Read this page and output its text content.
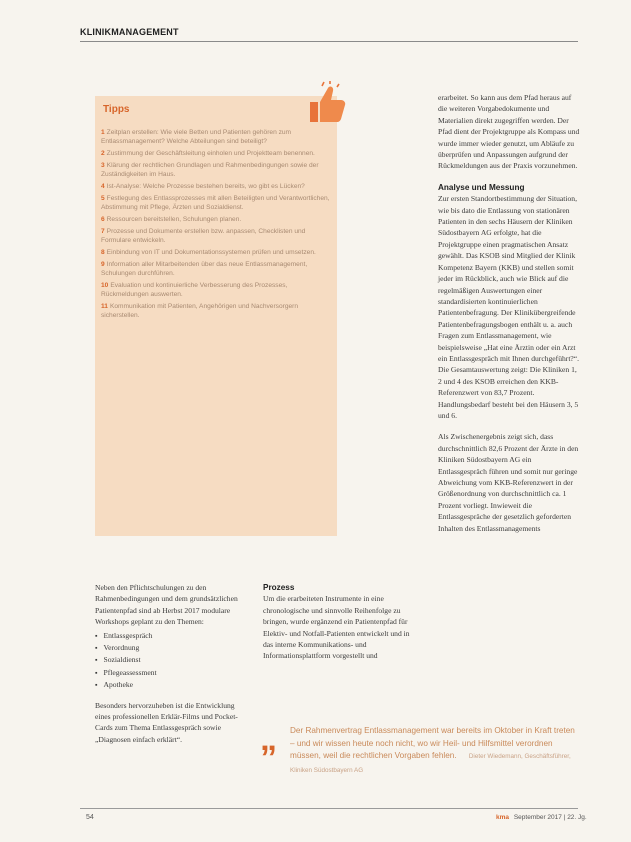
KLINIKMANAGEMENT
Tipps
1 Zeitplan erstellen: Wie viele Betten und Patienten gehören zum Entlassmanagement? Welche Abteilungen sind beteiligt?
2 Zustimmung der Geschäftsleitung einholen und Projektteam benennen.
3 Klärung der rechtlichen Grundlagen und Rahmenbedingungen sowie der Zuständigkeiten im Haus.
4 Ist-Analyse: Welche Prozesse bestehen bereits, wo gibt es Lücken?
5 Festlegung des Entlassprozesses mit allen Beteiligten und Verantwortlichen, Abstimmung mit Pflege, Ärzten und Sozialdienst.
6 Ressourcen bereitstellen, Schulungen planen.
7 Prozesse und Dokumente erstellen bzw. anpassen, Checklisten und Formulare entwickeln.
8 Einbindung von IT und Dokumentationssystemen prüfen und umsetzen.
9 Information aller Mitarbeitenden über das neue Entlassmanagement, Schulungen durchführen.
10 Evaluation und kontinuierliche Verbesserung des Prozesses, Rückmeldungen auswerten.
11 Kommunikation mit Patienten, Angehörigen und Nachversorgern sicherstellen.

erarbeitet. So kann aus dem Pfad heraus auf die weiteren Vorgabedokumente und Materialien direkt zugegriffen werden. Der Pfad dient der Projektgruppe als Kompass und wurde immer wieder genutzt, um Abläufe zu überprüfen und Anpassungen aufgrund der Rückmeldungen aus der Praxis vorzunehmen.

Analyse und Messung

Zur ersten Standortbestimmung der Situation, wie bis dato die Entlassung von stationären Patienten in den sechs Häusern der Kliniken Südostbayern AG erfolgte, hat die Projektgruppe einen pragmatischen Ansatz gewählt. Das KSOB sind Mitglied der Klinik Kompetenz Bayern (KKB) und stellen somit jeder im Rückblick, auch wie Blick auf die regelmäßigen Auswertungen einer standardisierten kontinuierlichen Patientenbefragung. Der Klinikübergreifende Patientenbefragungsbogen enthält u. a. auch Fragen zum Entlassmanagement, wie beispielsweise „Hat eine Ärztin oder ein Arzt ein Entlassgespräch mit Ihnen durchgeführt?“. Die Gesamtauswertung zeigt: Die Kliniken 1, 2 und 4 des KSOB erreichen den KKB-Referenzwert von 83,7 Prozent. Handlungsbedarf besteht bei den Häusern 3, 5 und 6.

Als Zwischenergebnis zeigt sich, dass durchschnittlich 82,6 Prozent der Ärzte in den Kliniken Südostbayern AG ein Entlassgespräch führen und somit nur geringe Abweichung vom KKB-Referenzwert in der Größenordnung von durchschnittlich ca. 1 Prozent vorliegt. Inwieweit die Entlassgespräche der gesetzlich geforderten Inhalten des Entlassmanagements

Neben den Pflichtschulungen zu den Rahmenbedingungen und dem grundsätzlichen Patientenpfad sind ab Herbst 2017 modulare Workshops geplant zu den Themen:

▪ Entlassgespräch
▪ Verordnung
▪ Sozialdienst
▪ Pflegeassessment
▪ Apotheke

Besonders hervorzuheben ist die Entwicklung eines professionellen Erklär-Films und Pocket-Cards zum Thema Entlassgespräch sowie „Diagnosen einfach erklärt“.

Prozess

Um die erarbeiteten Instrumente in eine chronologische und sinnvolle Reihenfolge zu bringen, wurde ergänzend ein Patientenpfad für Elektiv- und Notfall-Patienten entwickelt und in das interne Kommunikations- und Informationsplattform vorgestellt und

„ Der Rahmenvertrag Entlassmanagement war bereits im Oktober in Kraft treten – und wir wissen heute noch nicht, wo wir Heil- und Hilfsmittel verordnen müssen, weil die rechtlichen Vorgaben fehlen. Dieter Wiedemann, Geschäftsführer, Kliniken Südostbayern AG
54	kma September 2017 | 22. Jg.
